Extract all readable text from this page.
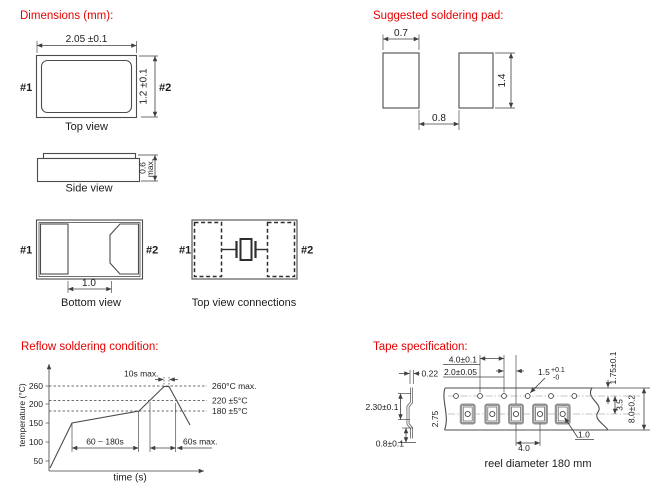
Dimensions (mm):	Suggested soldering pad:
Reflow soldering condition:	Tape specification:
2.05 ±0.1
1.2 ±0.1
#1	#2
Top view
0.6
max.
Side view
1.0
#1	#2
Bottom view
#1	#2
Top view connections
0.7
0.8
1.4
260
200
150
100
50
260°C max.
220 ±5°C
180 ±5°C
60 ~ 180s	60s max.
10s max.
temperature (°C)
time (s)
0.22
2.30±0.1
0.8±0.1
4.0±0.1
2.0±0.05	1.5 +0.1
-0	1.75±0.1
3.5 8.0±0.2
4.0
1.0
2.75
reel diameter 180 mm
